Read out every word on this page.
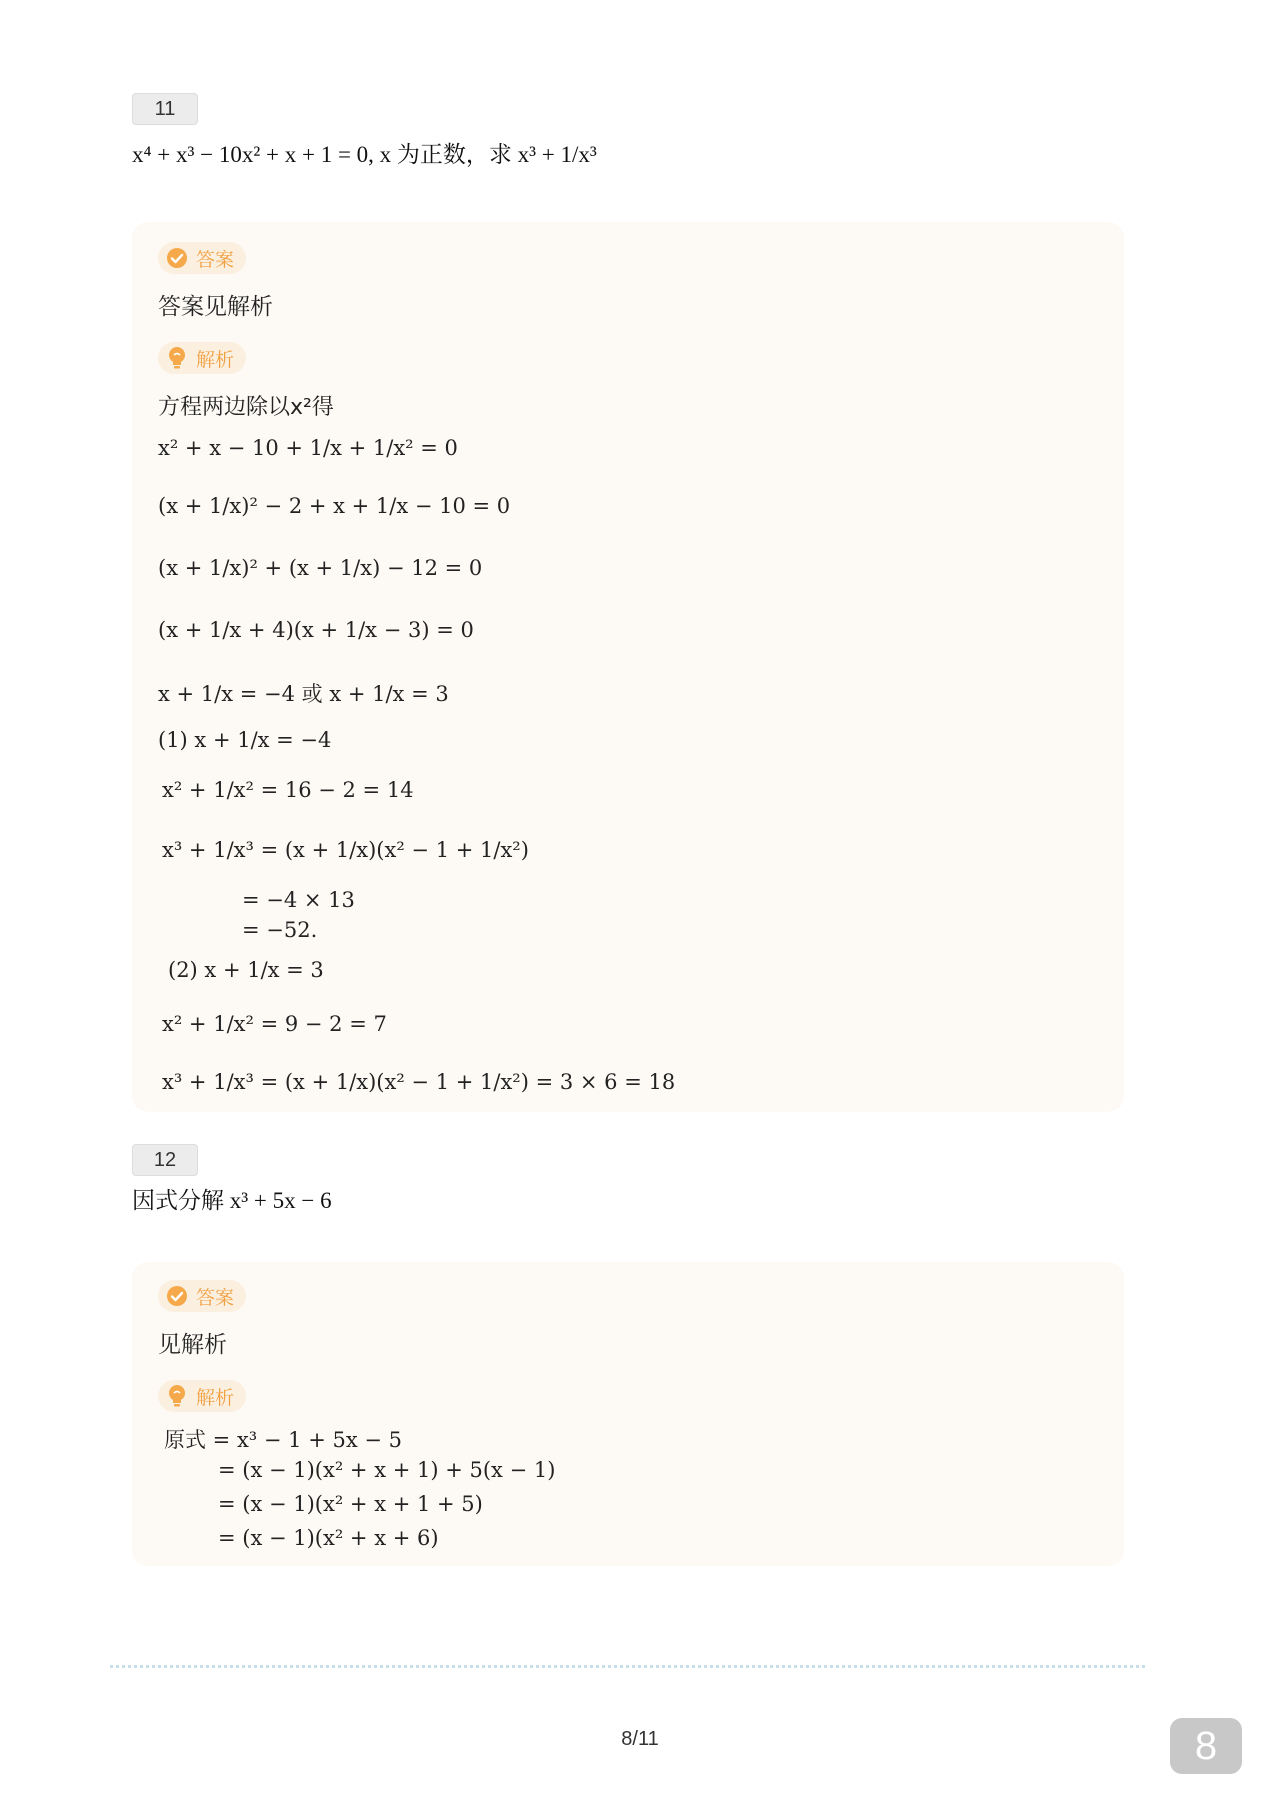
11
x⁴ + x³ − 10x² + x + 1 = 0, x 为正数，求 x³ + 1/x³
答案
答案见解析
解析
方程两边除以x²得
x² + x − 10 + 1/x + 1/x² = 0
(x + 1/x)² − 2 + x + 1/x − 10 = 0
(x + 1/x)² + (x + 1/x) − 12 = 0
(x + 1/x + 4)(x + 1/x − 3) = 0
x + 1/x = −4 或 x + 1/x = 3
(1) x + 1/x = −4
x² + 1/x² = 16 − 2 = 14
x³ + 1/x³ = (x + 1/x)(x² − 1 + 1/x²)
= −4 × 13
= −52.
(2) x + 1/x = 3
x² + 1/x² = 9 − 2 = 7
x³ + 1/x³ = (x + 1/x)(x² − 1 + 1/x²) = 3 × 6 = 18
12
因式分解 x³ + 5x − 6
答案
见解析
解析
原式 = x³ − 1 + 5x − 5
= (x − 1)(x² + x + 1) + 5(x − 1)
= (x − 1)(x² + x + 1 + 5)
= (x − 1)(x² + x + 6)
8/11	8
